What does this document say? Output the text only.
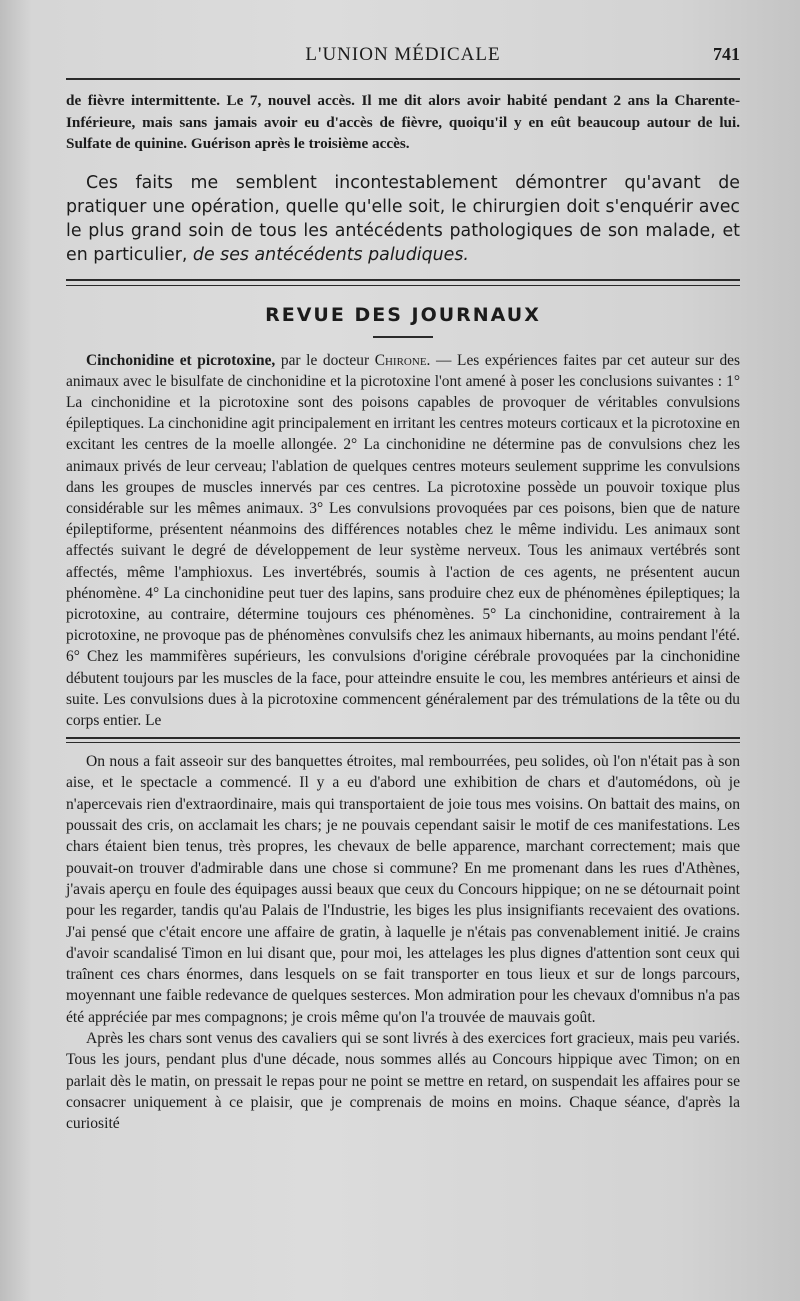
L'UNION MÉDICALE	741

de fièvre intermittente. Le 7, nouvel accès. Il me dit alors avoir habité pendant 2 ans la Charente-Inférieure, mais sans jamais avoir eu d'accès de fièvre, quoiqu'il y en eût beaucoup autour de lui. Sulfate de quinine. Guérison après le troisième accès.

Ces faits me semblent incontestablement démontrer qu'avant de pratiquer une opération, quelle qu'elle soit, le chirurgien doit s'enquérir avec le plus grand soin de tous les antécédents pathologiques de son malade, et en particulier, de ses antécédents paludiques.

REVUE DES JOURNAUX

Cinchonidine et picrotoxine, par le docteur Chirone. — Les expériences faites par cet auteur sur des animaux avec le bisulfate de cinchonidine et la picrotoxine l'ont amené à poser les conclusions suivantes : 1° La cinchonidine et la picrotoxine sont des poisons capables de provoquer de véritables convulsions épileptiques. La cinchonidine agit principalement en irritant les centres moteurs corticaux et la picrotoxine en excitant les centres de la moelle allongée. 2° La cinchonidine ne détermine pas de convulsions chez les animaux privés de leur cerveau; l'ablation de quelques centres moteurs seulement supprime les convulsions dans les groupes de muscles innervés par ces centres. La picrotoxine possède un pouvoir toxique plus considérable sur les mêmes animaux. 3° Les convulsions provoquées par ces poisons, bien que de nature épileptiforme, présentent néanmoins des différences notables chez le même individu. Les animaux sont affectés suivant le degré de développement de leur système nerveux. Tous les animaux vertébrés sont affectés, même l'amphioxus. Les invertébrés, soumis à l'action de ces agents, ne présentent aucun phénomène. 4° La cinchonidine peut tuer des lapins, sans produire chez eux de phénomènes épileptiques; la picrotoxine, au contraire, détermine toujours ces phénomènes. 5° La cinchonidine, contrairement à la picrotoxine, ne provoque pas de phénomènes convulsifs chez les animaux hibernants, au moins pendant l'été. 6° Chez les mammifères supérieurs, les convulsions d'origine cérébrale provoquées par la cinchonidine débutent toujours par les muscles de la face, pour atteindre ensuite le cou, les membres antérieurs et ainsi de suite. Les convulsions dues à la picrotoxine commencent généralement par des trémulations de la tête ou du corps entier. Le

On nous a fait asseoir sur des banquettes étroites, mal rembourrées, peu solides, où l'on n'était pas à son aise, et le spectacle a commencé. Il y a eu d'abord une exhibition de chars et d'automédons, où je n'apercevais rien d'extraordinaire, mais qui transportaient de joie tous mes voisins. On battait des mains, on poussait des cris, on acclamait les chars; je ne pouvais cependant saisir le motif de ces manifestations. Les chars étaient bien tenus, très propres, les chevaux de belle apparence, marchant correctement; mais que pouvait-on trouver d'admirable dans une chose si commune? En me promenant dans les rues d'Athènes, j'avais aperçu en foule des équipages aussi beaux que ceux du Concours hippique; on ne se détournait point pour les regarder, tandis qu'au Palais de l'Industrie, les biges les plus insignifiants recevaient des ovations. J'ai pensé que c'était encore une affaire de gratin, à laquelle je n'étais pas convenablement initié. Je crains d'avoir scandalisé Timon en lui disant que, pour moi, les attelages les plus dignes d'attention sont ceux qui traînent ces chars énormes, dans lesquels on se fait transporter en tous lieux et sur de longs parcours, moyennant une faible redevance de quelques sesterces. Mon admiration pour les chevaux d'omnibus n'a pas été appréciée par mes compagnons; je crois même qu'on l'a trouvée de mauvais goût.

Après les chars sont venus des cavaliers qui se sont livrés à des exercices fort gracieux, mais peu variés. Tous les jours, pendant plus d'une décade, nous sommes allés au Concours hippique avec Timon; on en parlait dès le matin, on pressait le repas pour ne point se mettre en retard, on suspendait les affaires pour se consacrer uniquement à ce plaisir, que je comprenais de moins en moins. Chaque séance, d'après la curiosité
